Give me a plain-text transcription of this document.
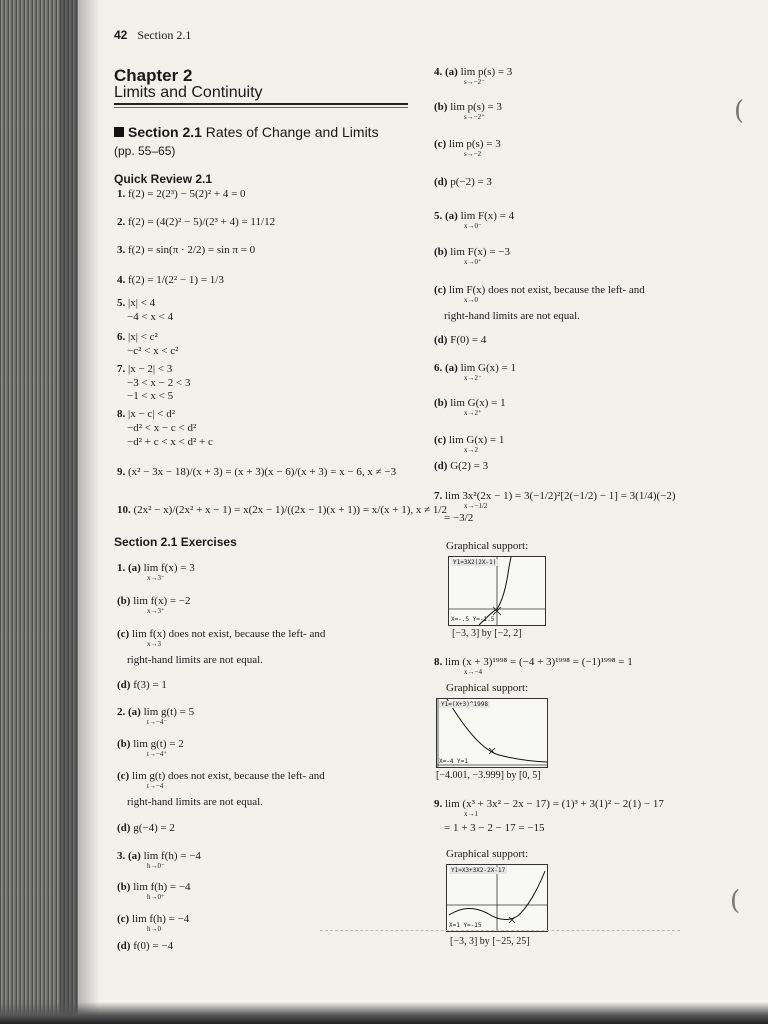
42 Section 2.1
Chapter 2
Limits and Continuity
Section 2.1 Rates of Change and Limits
(pp. 55–65)
Quick Review 2.1
1. f(2) = 2(2³) − 5(2)² + 4 = 0
2. f(2) = (4(2)² − 5)/(2³ + 4) = 11/12
3. f(2) = sin(π · 2/2) = sin π = 0
4. f(2) = 1/(2² − 1) = 1/3
5. |x| < 4
−4 < x < 4
6. |x| < c²
−c² < x < c²
7. |x − 2| < 3
−3 < x − 2 < 3
−1 < x < 5
8. |x − c| < d²
−d² < x − c < d²
−d² + c < x < d² + c
9. (x² − 3x − 18)/(x + 3) = (x + 3)(x − 6)/(x + 3) = x − 6, x ≠ −3
10. (2x² − x)/(2x² + x − 1) = x(2x − 1)/((2x − 1)(x + 1)) = x/(x + 1), x ≠ 1/2
Section 2.1 Exercises
1. (a) lim f(x) = 3
x→3⁻
(b) lim f(x) = −2
x→3⁺
(c) lim f(x) does not exist, because the left- and
x→3
right-hand limits are not equal.
(d) f(3) = 1
2. (a) lim g(t) = 5
t→−4⁻
(b) lim g(t) = 2
t→−4⁺
(c) lim g(t) does not exist, because the left- and
t→−4
right-hand limits are not equal.
(d) g(−4) = 2
3. (a) lim f(h) = −4
h→0⁻
(b) lim f(h) = −4
h→0⁺
(c) lim f(h) = −4
h→0
(d) f(0) = −4
4. (a) lim p(s) = 3
s→−2⁻
(b) lim p(s) = 3
s→−2⁺
(c) lim p(s) = 3
s→−2
(d) p(−2) = 3
5. (a) lim F(x) = 4
x→0⁻
(b) lim F(x) = −3
x→0⁺
(c) lim F(x) does not exist, because the left- and
x→0
right-hand limits are not equal.
(d) F(0) = 4
6. (a) lim G(x) = 1
x→2⁻
(b) lim G(x) = 1
x→2⁺
(c) lim G(x) = 1
x→2
(d) G(2) = 3
7. lim 3x²(2x − 1) = 3(−1/2)²[2(−1/2) − 1] = 3(1/4)(−2)
x→−1/2
= −3/2
8. lim (x + 3)¹⁹⁹⁸ = (−4 + 3)¹⁹⁹⁸ = (−1)¹⁹⁹⁸ = 1
x→−4
9. lim (x³ + 3x² − 2x − 17) = (1)³ + 3(1)² − 2(1) − 17
x→1
= 1 + 3 − 2 − 17 = −15
Graphical support:
Y1=3X2(2X-1)
X=-.5 Y=-1.5
[−3, 3] by [−2, 2]
Graphical support:
Y1=(X+3)^1998
X=-4 Y=1
[−4.001, −3.999] by [0, 5]
Graphical support:
Y1=X3+3X2-2X-17
X=1 Y=-15
[−3, 3] by [−25, 25]
(
(
